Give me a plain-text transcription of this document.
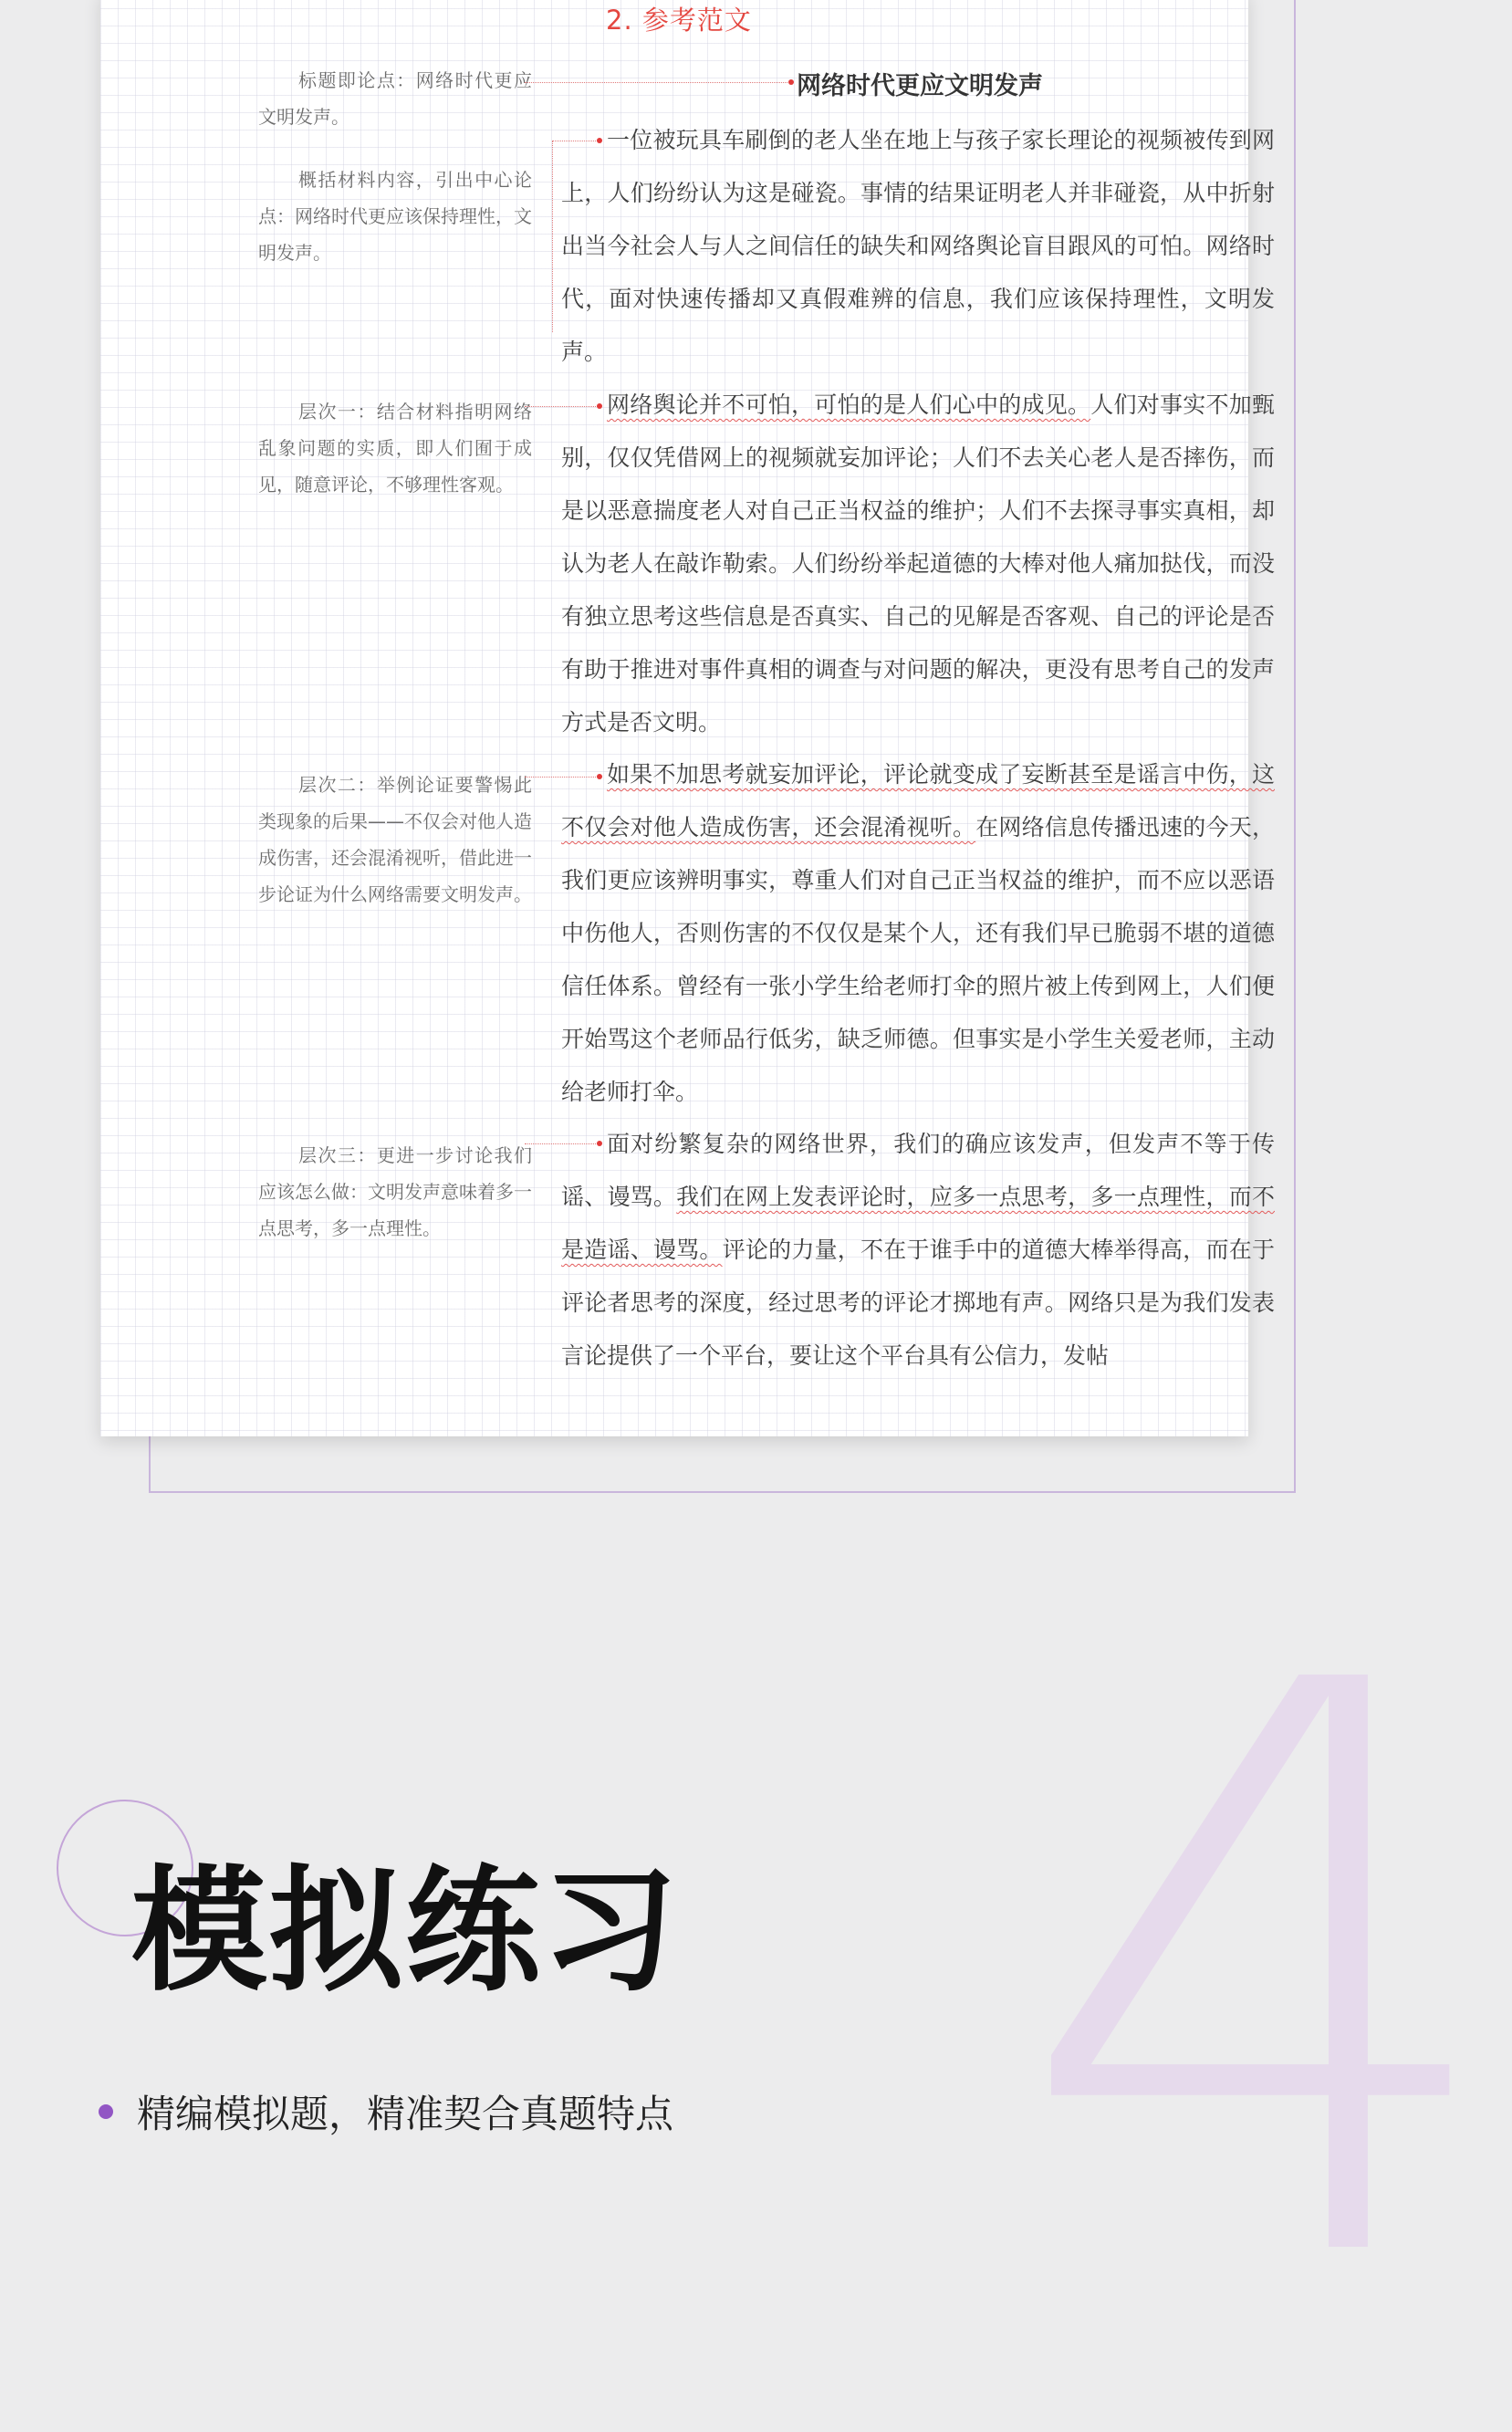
2. 参考范文
网络时代更应文明发声

标题即论点：网络时代更应文明发声。

概括材料内容，引出中心论点：网络时代更应该保持理性，文明发声。

层次一：结合材料指明网络乱象问题的实质，即人们囿于成见，随意评论，不够理性客观。

层次二：举例论证要警惕此类现象的后果——不仅会对他人造成伤害，还会混淆视听，借此进一步论证为什么网络需要文明发声。

层次三：更进一步讨论我们应该怎么做：文明发声意味着多一点思考，多一点理性。

一位被玩具车刷倒的老人坐在地上与孩子家长理论的视频被传到网上，人们纷纷认为这是碰瓷。事情的结果证明老人并非碰瓷，从中折射出当今社会人与人之间信任的缺失和网络舆论盲目跟风的可怕。网络时代，面对快速传播却又真假难辨的信息，我们应该保持理性，文明发声。

网络舆论并不可怕，可怕的是人们心中的成见。人们对事实不加甄别，仅仅凭借网上的视频就妄加评论；人们不去关心老人是否摔伤，而是以恶意揣度老人对自己正当权益的维护；人们不去探寻事实真相，却认为老人在敲诈勒索。人们纷纷举起道德的大棒对他人痛加挞伐，而没有独立思考这些信息是否真实、自己的见解是否客观、自己的评论是否有助于推进对事件真相的调查与对问题的解决，更没有思考自己的发声方式是否文明。

如果不加思考就妄加评论，评论就变成了妄断甚至是谣言中伤，这不仅会对他人造成伤害，还会混淆视听。在网络信息传播迅速的今天，我们更应该辨明事实，尊重人们对自己正当权益的维护，而不应以恶语中伤他人，否则伤害的不仅仅是某个人，还有我们早已脆弱不堪的道德信任体系。曾经有一张小学生给老师打伞的照片被上传到网上，人们便开始骂这个老师品行低劣，缺乏师德。但事实是小学生关爱老师，主动给老师打伞。

面对纷繁复杂的网络世界，我们的确应该发声，但发声不等于传谣、谩骂。我们在网上发表评论时，应多一点思考，多一点理性，而不是造谣、谩骂。评论的力量，不在于谁手中的道德大棒举得高，而在于评论者思考的深度，经过思考的评论才掷地有声。网络只是为我们发表言论提供了一个平台，要让这个平台具有公信力，发帖

4
模拟练习

精编模拟题，精准契合真题特点
